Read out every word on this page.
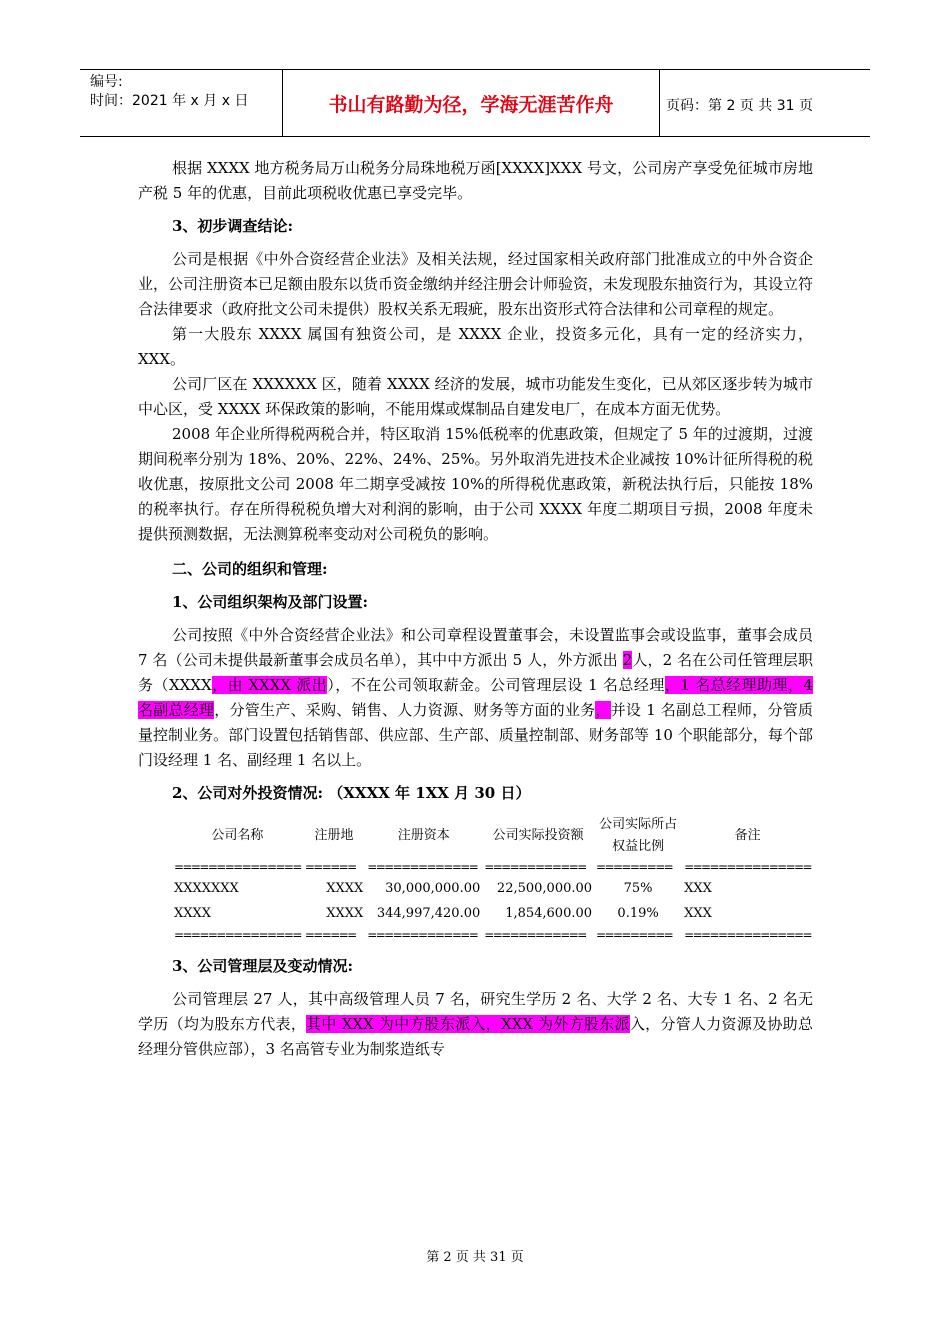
编号:
时间：2021 年 x 月 x 日	书山有路勤为径，学海无涯苦作舟	页码：第 2 页 共 31 页

根据 XXXX 地方税务局万山税务分局珠地税万函[XXXX]XXX 号文，公司房产享受免征城市房地产税 5 年的优惠，目前此项税收优惠已享受完毕。

3、初步调查结论:

公司是根据《中外合资经营企业法》及相关法规，经过国家相关政府部门批准成立的中外合资企业，公司注册资本已足额由股东以货币资金缴纳并经注册会计师验资，未发现股东抽资行为，其设立符合法律要求（政府批文公司未提供）股权关系无瑕疵，股东出资形式符合法律和公司章程的规定。

第一大股东 XXXX 属国有独资公司，是 XXXX 企业，投资多元化，具有一定的经济实力，XXX。

公司厂区在 XXXXXX 区，随着 XXXX 经济的发展，城市功能发生变化，已从郊区逐步转为城市中心区，受 XXXX 环保政策的影响，不能用煤或煤制品自建发电厂，在成本方面无优势。

2008 年企业所得税两税合并，特区取消 15%低税率的优惠政策，但规定了 5 年的过渡期，过渡期间税率分别为 18%、20%、22%、24%、25%。另外取消先进技术企业减按 10%计征所得税的税收优惠，按原批文公司 2008 年二期享受减按 10%的所得税优惠政策，新税法执行后，只能按 18%的税率执行。存在所得税税负增大对利润的影响，由于公司 XXXX 年度二期项目亏损，2008 年度未提供预测数据，无法测算税率变动对公司税负的影响。

二、公司的组织和管理:
1、公司组织架构及部门设置:

公司按照《中外合资经营企业法》和公司章程设置董事会，未设置监事会或设监事，董事会成员 7 名（公司未提供最新董事会成员名单），其中中方派出 5 人，外方派出 2人，2 名在公司任管理层职务（XXXX，由 XXXX 派出），不在公司领取薪金。公司管理层设 1 名总经理，1 名总经理助理，4 名副总经理，分管生产、采购、销售、人力资源、财务等方面的业务，并设 1 名副总工程师，分管质量控制业务。部门设置包括销售部、供应部、生产部、质量控制部、财务部等 10 个职能部分，每个部门设经理 1 名、副经理 1 名以上。

2、公司对外投资情况: （XXXX 年 1XX 月 30 日）
公司名称	注册地	注册资本	公司实际投资额	公司实际所占权益比例	备注
===============	======	=============	============	=========	===============
XXXXXXX	XXXX	30,000,000.00	22,500,000.00	75%	XXX
XXXX	XXXX	344,997,420.00	1,854,600.00	0.19%	XXX
===============	======	=============	============	=========	===============
3、公司管理层及变动情况:

公司管理层 27 人，其中高级管理人员 7 名，研究生学历 2 名、大学 2 名、大专 1 名、2 名无学历（均为股东方代表，其中 XXX 为中方股东派入，XXX 为外方股东派入，分管人力资源及协助总经理分管供应部），3 名高管专业为制浆造纸专

第 2 页 共 31 页
